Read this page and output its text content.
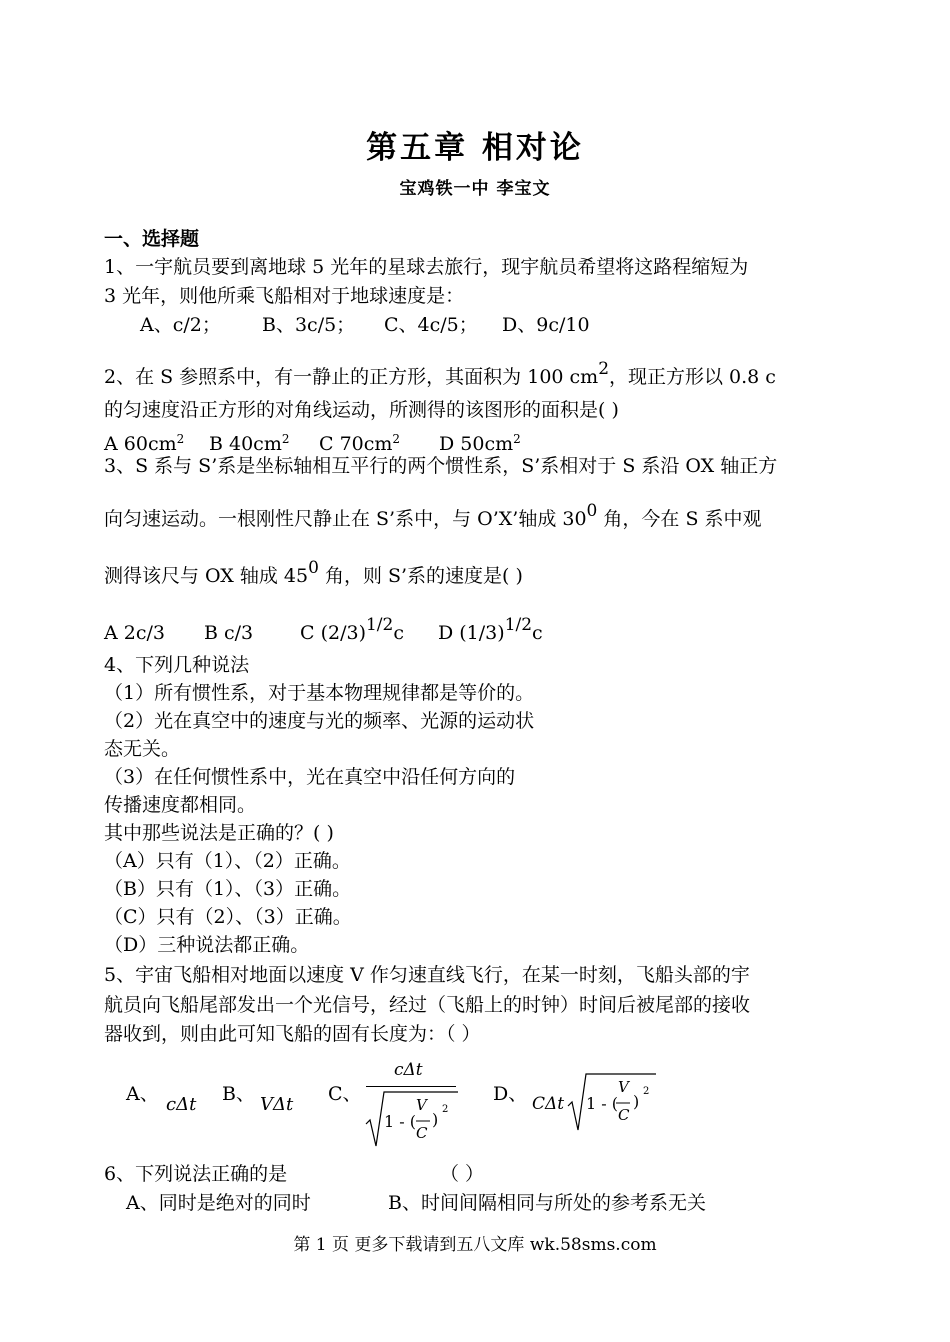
第五章 相对论
宝鸡铁一中 李宝文
一、选择题
1、一宇航员要到离地球 5 光年的星球去旅行，现宇航员希望将这路程缩短为
3 光年，则他所乘飞船相对于地球速度是：
A、c/2； B、3c/5； C、4c/5； D、9c/10
2、在 S 参照系中，有一静止的正方形，其面积为 100 cm2，现正方形以 0.8 c
的匀速度沿正方形的对角线运动，所测得的该图形的面积是( )
A $60cm^2$ B $40cm^2$ C $70cm^2$ D $50cm^2$
3、S 系与 S’系是坐标轴相互平行的两个惯性系，S’系相对于 S 系沿 OX 轴正方
向匀速运动。一根刚性尺静止在 S’系中，与 O’X’轴成 300 角，今在 S 系中观
测得该尺与 OX 轴成 450 角，则 S’系的速度是( )
A 2c/3 B c/3 C (2/3)1/2c D (1/3)1/2c
4、下列几种说法
（1）所有惯性系，对于基本物理规律都是等价的。
（2）光在真空中的速度与光的频率、光源的运动状
态无关。
（3）在任何惯性系中，光在真空中沿任何方向的
传播速度都相同。
其中那些说法是正确的？( )
（A）只有（1）、（2）正确。
（B）只有（1）、（3）正确。
（C）只有（2）、（3）正确。
（D）三种说法都正确。
5、宇宙飞船相对地面以速度 V 作匀速直线飞行，在某一时刻，飞船头部的宇
航员向飞船尾部发出一个光信号，经过（飞船上的时钟）时间后被尾部的接收
器收到，则由此可知飞船的固有长度为：（ ）
A、 cΔt B、 VΔt C、
cΔt
1 - (
V
C
)
2
D、 CΔt 1 - (
V
C
)
2
6、下列说法正确的是	（ ）
A、同时是绝对的同时	B、时间间隔相同与所处的参考系无关
第 1 页 更多下载请到五八文库 wk.58sms.com
